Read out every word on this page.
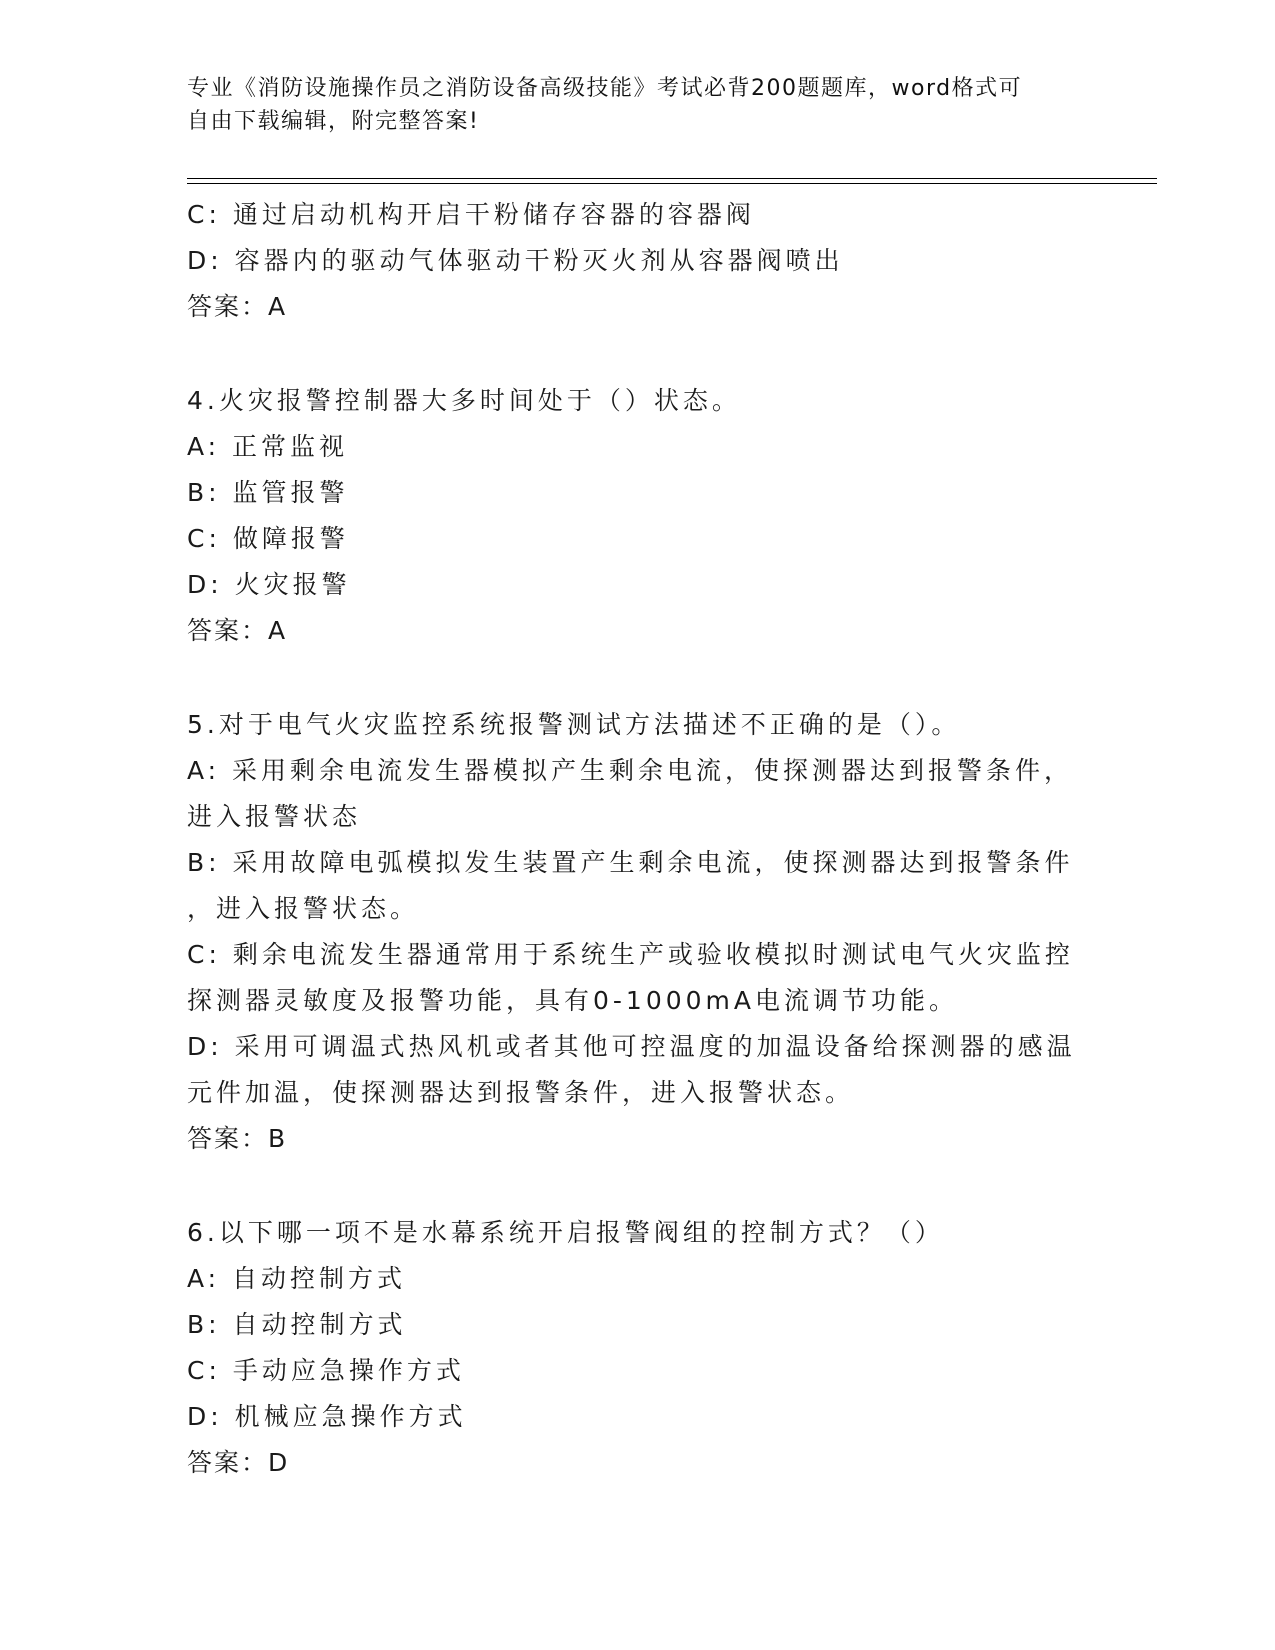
专业《消防设施操作员之消防设备高级技能》考试必背200题题库，word格式可

自由下载编辑，附完整答案!

C: 通过启动机构开启干粉储存容器的容器阀

D: 容器内的驱动气体驱动干粉灭火剂从容器阀喷出

答案：A

4.火灾报警控制器大多时间处于（）状态。

A: 正常监视

B: 监管报警

C: 做障报警

D: 火灾报警

答案：A

5.对于电气火灾监控系统报警测试方法描述不正确的是（）。

A: 采用剩余电流发生器模拟产生剩余电流，使探测器达到报警条件，

进入报警状态

B: 采用故障电弧模拟发生装置产生剩余电流，使探测器达到报警条件

，进入报警状态。

C: 剩余电流发生器通常用于系统生产或验收模拟时测试电气火灾监控

探测器灵敏度及报警功能，具有0-1000mA电流调节功能。

D: 采用可调温式热风机或者其他可控温度的加温设备给探测器的感温

元件加温，使探测器达到报警条件，进入报警状态。

答案：B

6.以下哪一项不是水幕系统开启报警阀组的控制方式？（）

A: 自动控制方式

B: 自动控制方式

C: 手动应急操作方式

D: 机械应急操作方式

答案：D
